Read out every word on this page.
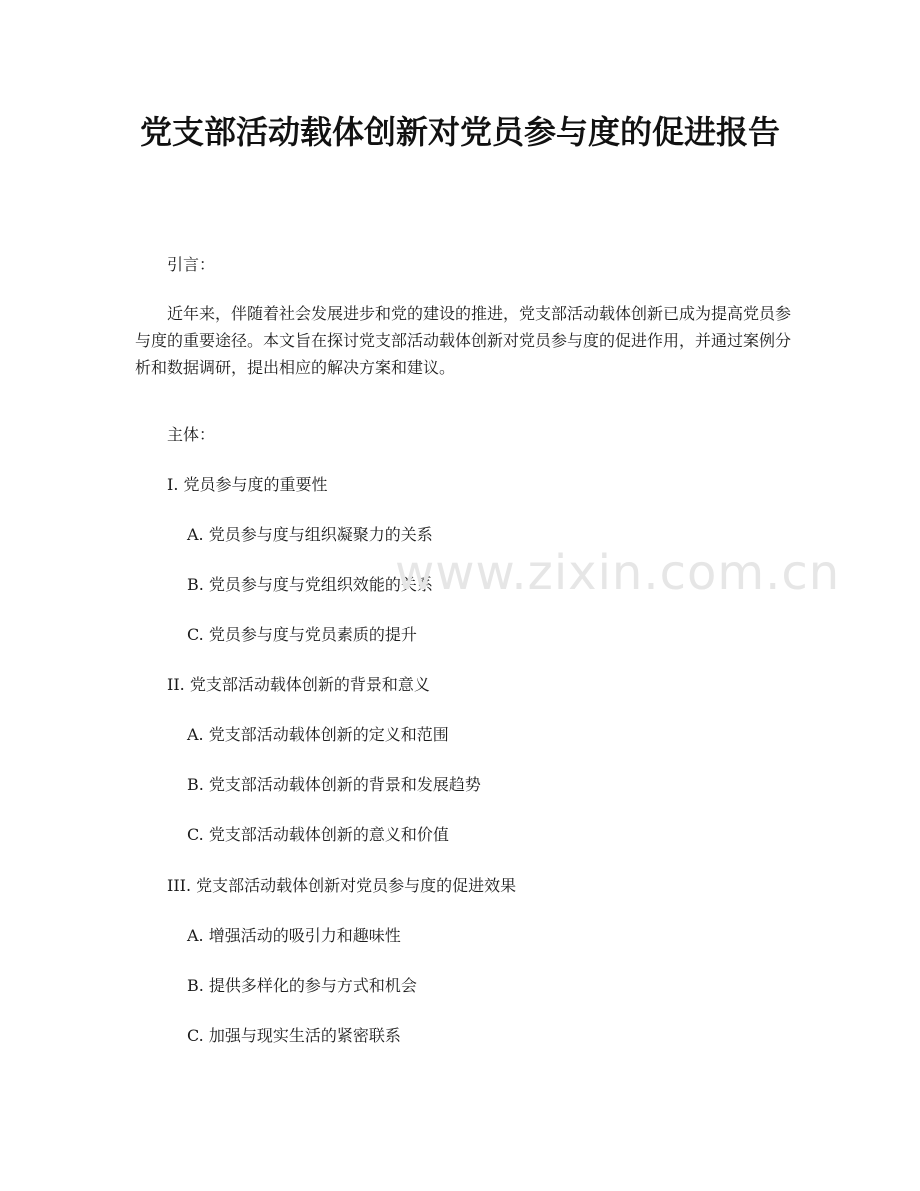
党支部活动载体创新对党员参与度的促进报告

引言：

近年来，伴随着社会发展进步和党的建设的推进，党支部活动载体创新已成为提高党员参与度的重要途径。本文旨在探讨党支部活动载体创新对党员参与度的促进作用，并通过案例分析和数据调研，提出相应的解决方案和建议。

主体：

I. 党员参与度的重要性

A. 党员参与度与组织凝聚力的关系

B. 党员参与度与党组织效能的关系

C. 党员参与度与党员素质的提升

II. 党支部活动载体创新的背景和意义

A. 党支部活动载体创新的定义和范围

B. 党支部活动载体创新的背景和发展趋势

C. 党支部活动载体创新的意义和价值

III. 党支部活动载体创新对党员参与度的促进效果

A. 增强活动的吸引力和趣味性

B. 提供多样化的参与方式和机会

C. 加强与现实生活的紧密联系

www.zixin.com.cn
